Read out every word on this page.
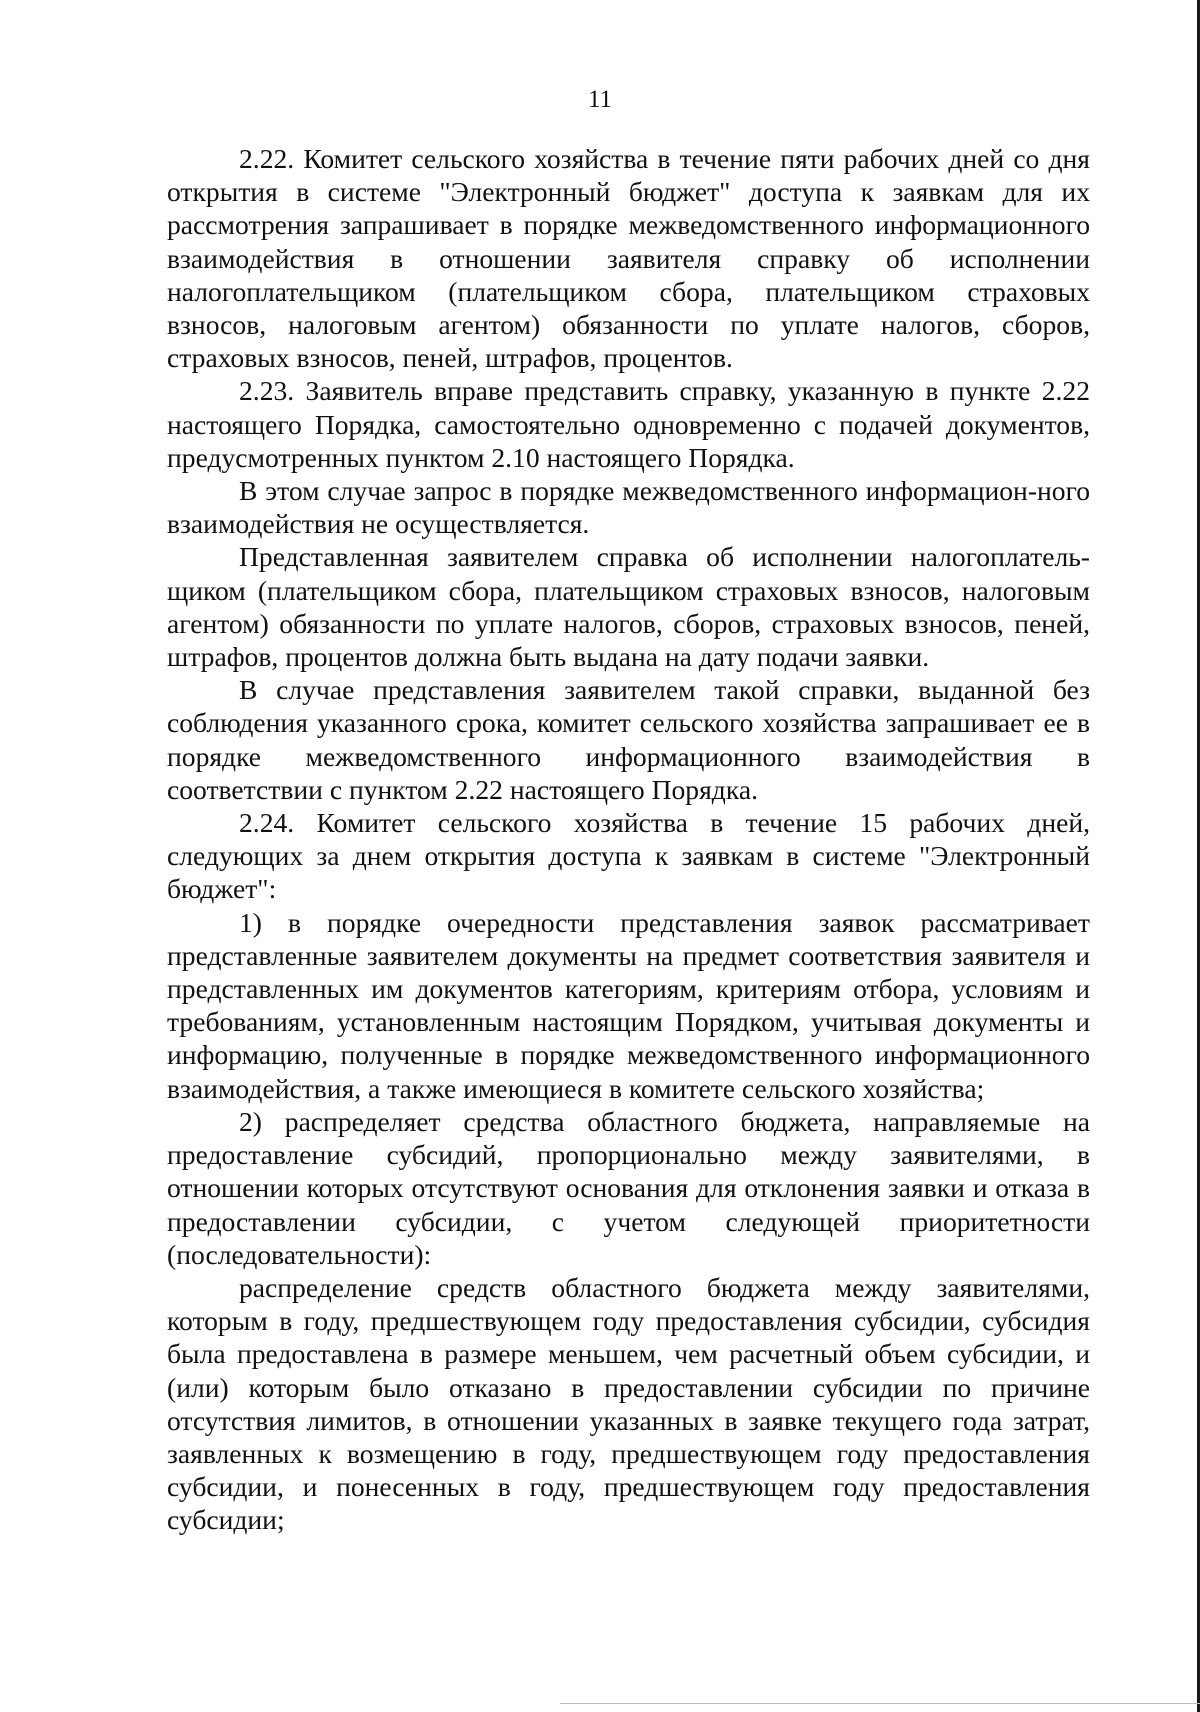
11

2.22. Комитет сельского хозяйства в течение пяти рабочих дней со дня открытия в системе "Электронный бюджет" доступа к заявкам для их рассмотрения запрашивает в порядке межведомственного информационного взаимодействия в отношении заявителя справку об исполнении налогоплательщиком (плательщиком сбора, плательщиком страховых взносов, налоговым агентом) обязанности по уплате налогов, сборов, страховых взносов, пеней, штрафов, процентов.

2.23. Заявитель вправе представить справку, указанную в пункте 2.22 настоящего Порядка, самостоятельно одновременно с подачей документов, предусмотренных пунктом 2.10 настоящего Порядка.

В этом случае запрос в порядке межведомственного информацион-ного взаимодействия не осуществляется.

Представленная заявителем справка об исполнении налогоплатель-щиком (плательщиком сбора, плательщиком страховых взносов, налоговым агентом) обязанности по уплате налогов, сборов, страховых взносов, пеней, штрафов, процентов должна быть выдана на дату подачи заявки.

В случае представления заявителем такой справки, выданной без соблюдения указанного срока, комитет сельского хозяйства запрашивает ее в порядке межведомственного информационного взаимодействия в соответствии с пунктом 2.22 настоящего Порядка.

2.24. Комитет сельского хозяйства в течение 15 рабочих дней, следующих за днем открытия доступа к заявкам в системе "Электронный бюджет":

1) в порядке очередности представления заявок рассматривает представленные заявителем документы на предмет соответствия заявителя и представленных им документов категориям, критериям отбора, условиям и требованиям, установленным настоящим Порядком, учитывая документы и информацию, полученные в порядке межведомственного информационного взаимодействия, а также имеющиеся в комитете сельского хозяйства;

2) распределяет средства областного бюджета, направляемые на предоставление субсидий, пропорционально между заявителями, в отношении которых отсутствуют основания для отклонения заявки и отказа в предоставлении субсидии, с учетом следующей приоритетности (последовательности):

распределение средств областного бюджета между заявителями, которым в году, предшествующем году предоставления субсидии, субсидия была предоставлена в размере меньшем, чем расчетный объем субсидии, и (или) которым было отказано в предоставлении субсидии по причине отсутствия лимитов, в отношении указанных в заявке текущего года затрат, заявленных к возмещению в году, предшествующем году предоставления субсидии, и понесенных в году, предшествующем году предоставления субсидии;
